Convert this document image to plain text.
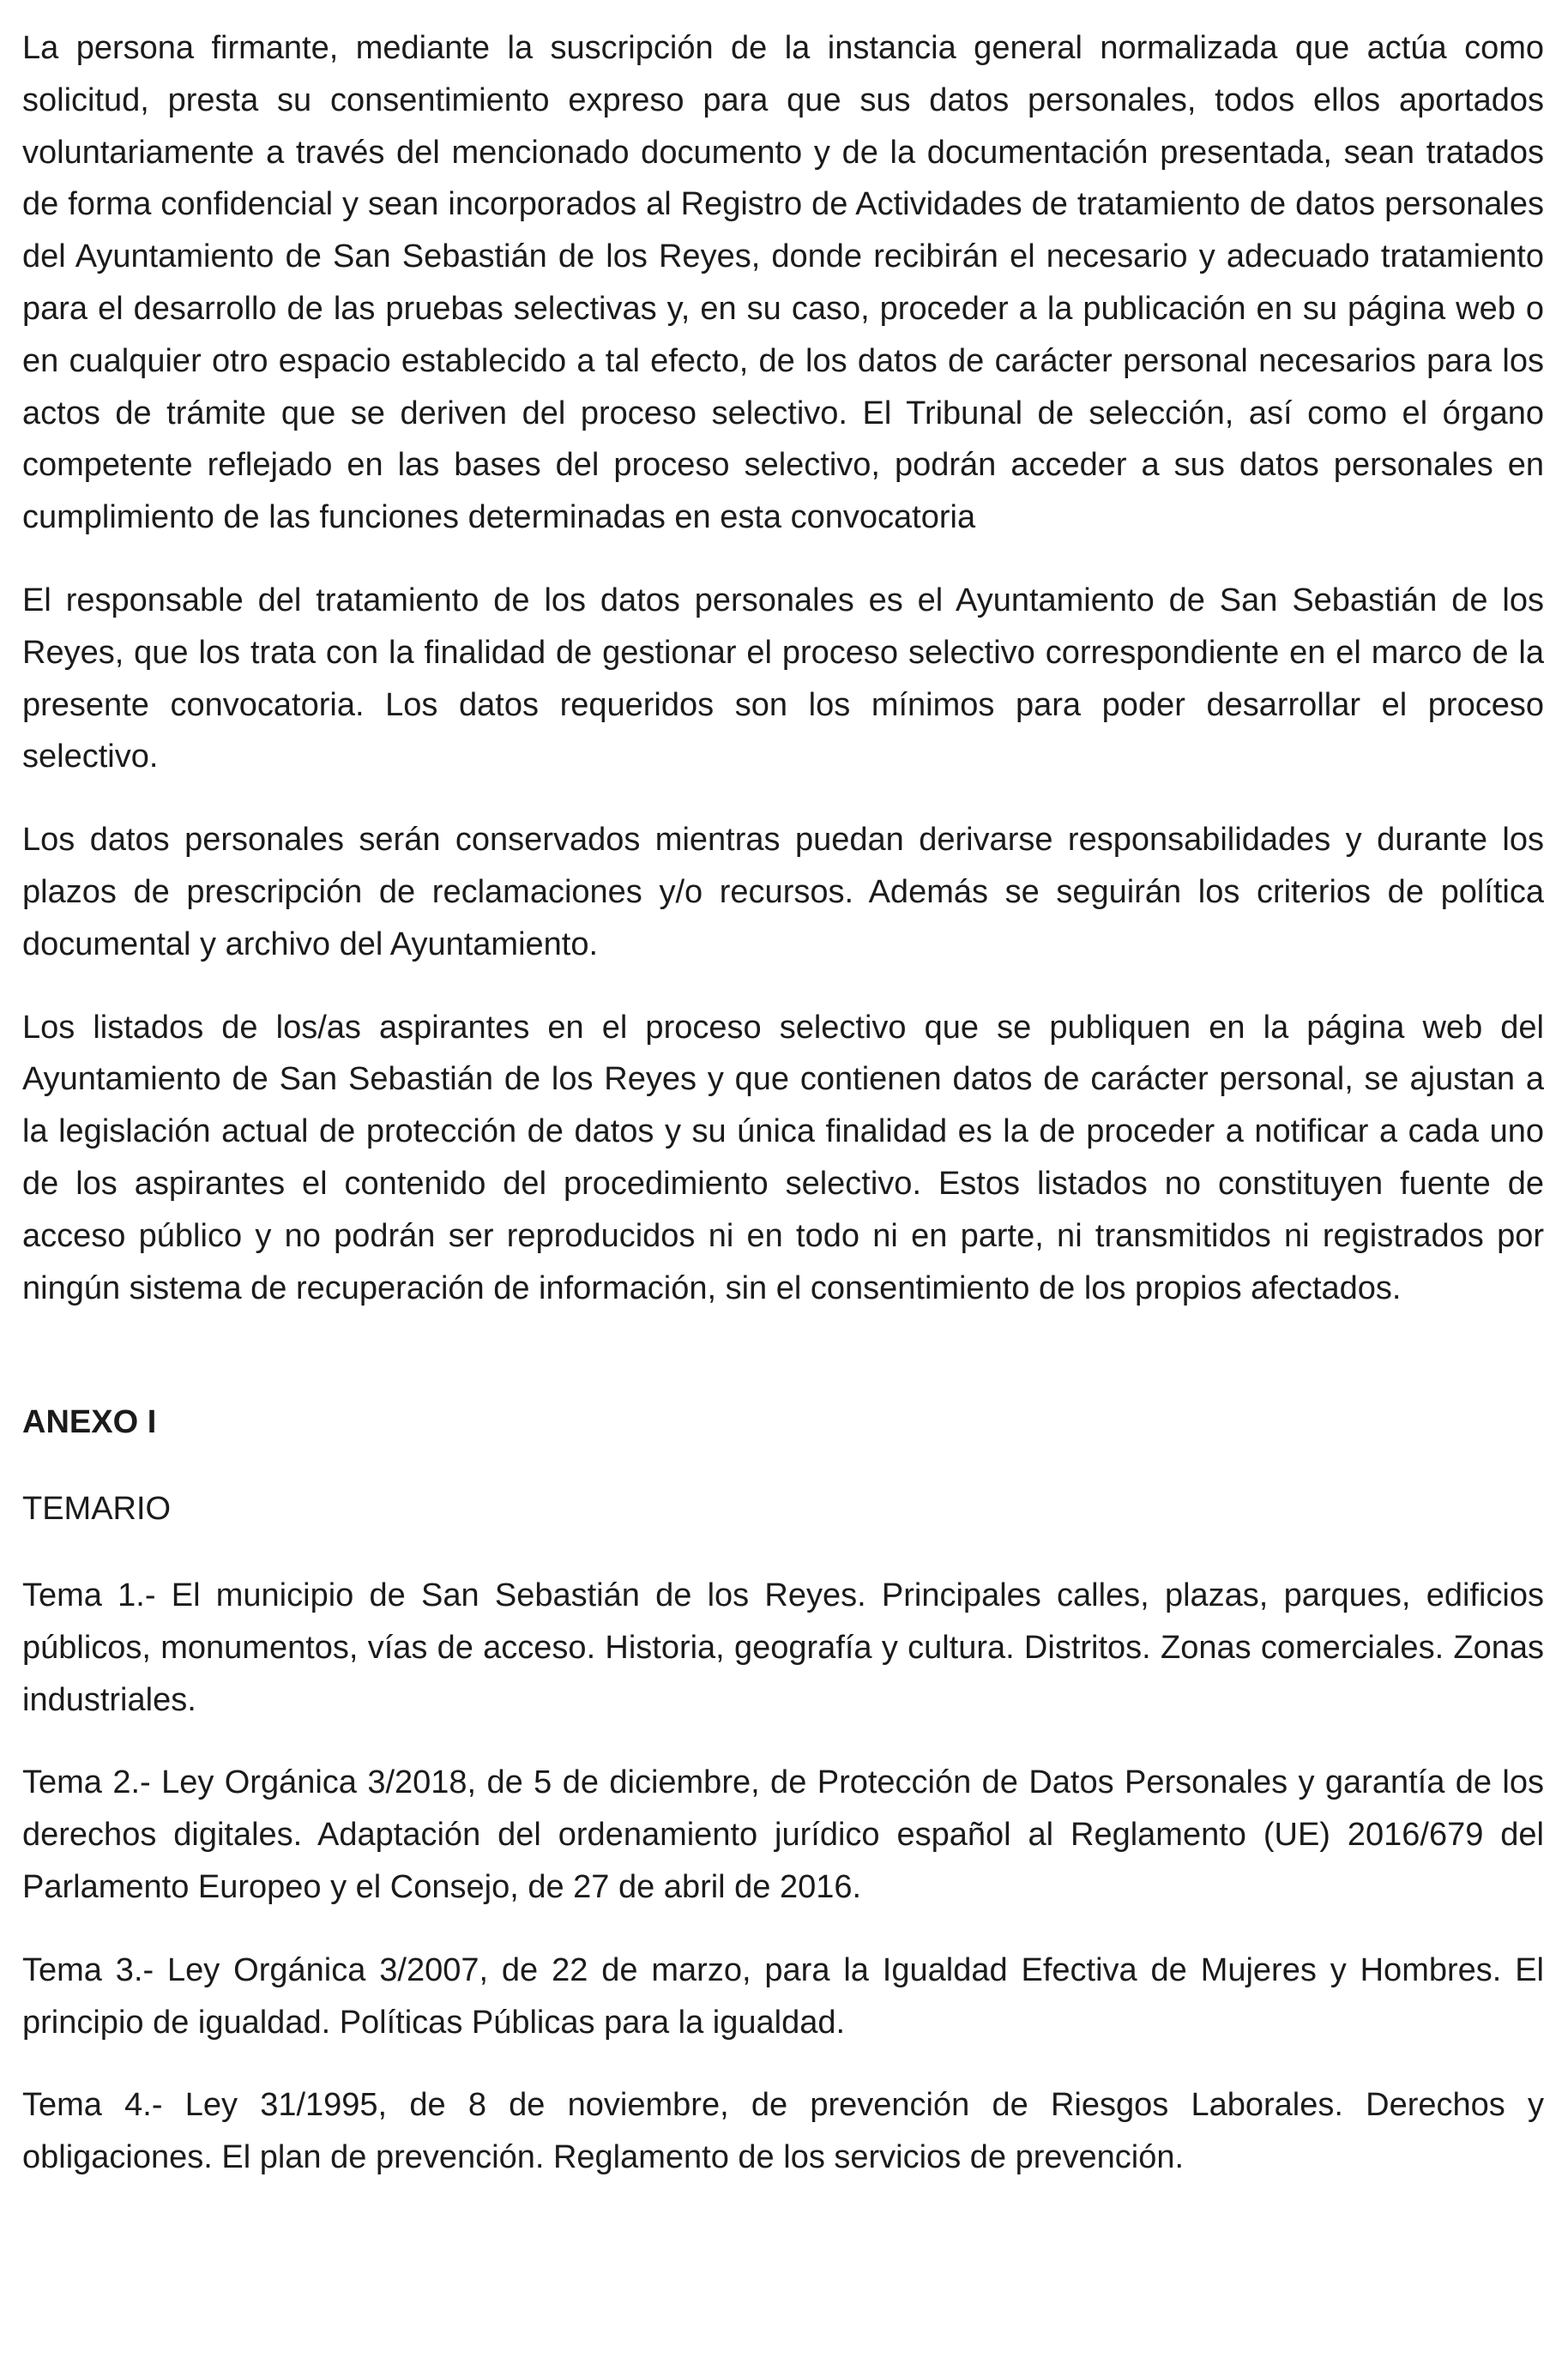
La persona firmante, mediante la suscripción de la instancia general normalizada que actúa como solicitud, presta su consentimiento expreso para que sus datos personales, todos ellos aportados voluntariamente a través del mencionado documento y de la documentación presentada, sean tratados de forma confidencial y sean incorporados al Registro de Actividades de tratamiento de datos personales del Ayuntamiento de San Sebastián de los Reyes, donde recibirán el necesario y adecuado tratamiento para el desarrollo de las pruebas selectivas y, en su caso, proceder a la publicación en su página web o en cualquier otro espacio establecido a tal efecto, de los datos de carácter personal necesarios para los actos de trámite que se deriven del proceso selectivo. El Tribunal de selección, así como el órgano competente reflejado en las bases del proceso selectivo, podrán acceder a sus datos personales en cumplimiento de las funciones determinadas en esta convocatoria

El responsable del tratamiento de los datos personales es el Ayuntamiento de San Sebastián de los Reyes, que los trata con la finalidad de gestionar el proceso selectivo correspondiente en el marco de la presente convocatoria. Los datos requeridos son los mínimos para poder desarrollar el proceso selectivo.

Los datos personales serán conservados mientras puedan derivarse responsabilidades y durante los plazos de prescripción de reclamaciones y/o recursos. Además se seguirán los criterios de política documental y archivo del Ayuntamiento.

Los listados de los/as aspirantes en el proceso selectivo que se publiquen en la página web del Ayuntamiento de San Sebastián de los Reyes y que contienen datos de carácter personal, se ajustan a la legislación actual de protección de datos y su única finalidad es la de proceder a notificar a cada uno de los aspirantes el contenido del procedimiento selectivo. Estos listados no constituyen fuente de acceso público y no podrán ser reproducidos ni en todo ni en parte, ni transmitidos ni registrados por ningún sistema de recuperación de información, sin el consentimiento de los propios afectados.

ANEXO I

TEMARIO

Tema 1.- El municipio de San Sebastián de los Reyes. Principales calles, plazas, parques, edificios públicos, monumentos, vías de acceso. Historia, geografía y cultura. Distritos. Zonas comerciales. Zonas industriales.

Tema 2.- Ley Orgánica 3/2018, de 5 de diciembre, de Protección de Datos Personales y garantía de los derechos digitales. Adaptación del ordenamiento jurídico español al Reglamento (UE) 2016/679 del Parlamento Europeo y el Consejo, de 27 de abril de 2016.

Tema 3.- Ley Orgánica 3/2007, de 22 de marzo, para la Igualdad Efectiva de Mujeres y Hombres. El principio de igualdad. Políticas Públicas para la igualdad.

Tema 4.- Ley 31/1995, de 8 de noviembre, de prevención de Riesgos Laborales. Derechos y obligaciones. El plan de prevención. Reglamento de los servicios de prevención.
